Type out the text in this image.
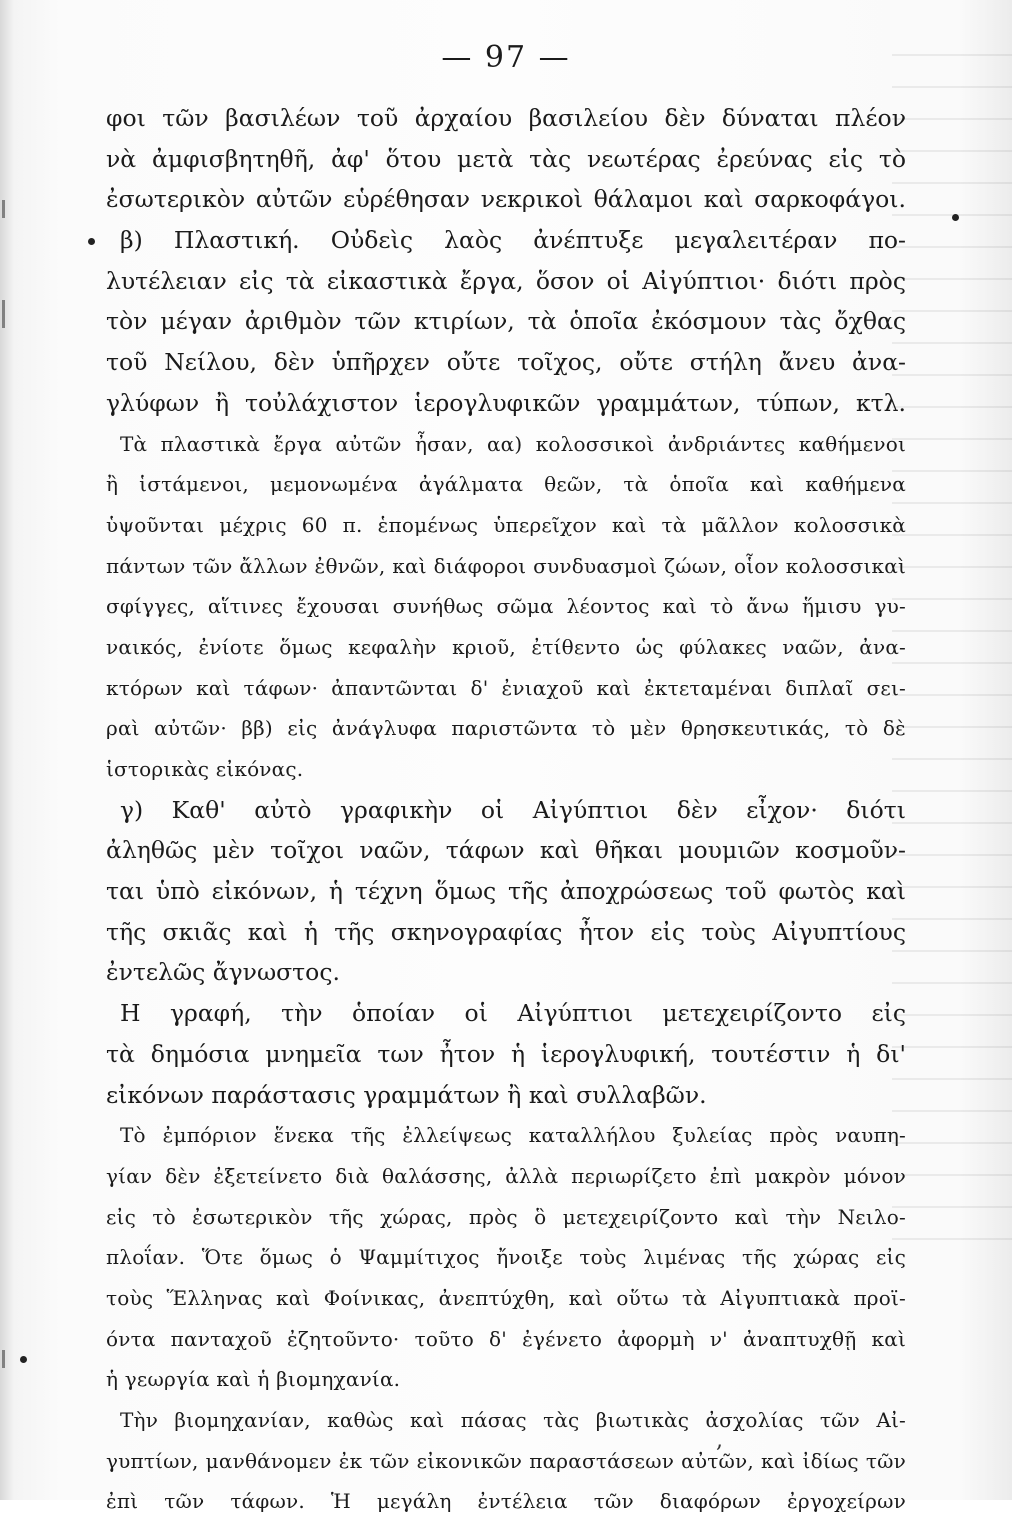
— 97 —
φοι τῶν βασιλέων τοῦ ἀρχαίου βασιλείου δὲν δύναται πλέον
νὰ ἀμφισβητηθῆ, ἀφ' ὅτου μετὰ τὰς νεωτέρας ἐρεύνας εἰς τὸ
ἐσωτερικὸν αὐτῶν εὑρέθησαν νεκρικοὶ θάλαμοι καὶ σαρκοφάγοι.
β) Πλαστική. Οὐδεὶς λαὸς ἀνέπτυξε μεγαλειτέραν πο-
λυτέλειαν εἰς τὰ εἰκαστικὰ ἔργα, ὅσον οἱ Αἰγύπτιοι· διότι πρὸς
τὸν μέγαν ἀριθμὸν τῶν κτιρίων, τὰ ὁποῖα ἐκόσμουν τὰς ὄχθας
τοῦ Νείλου, δὲν ὑπῆρχεν οὔτε τοῖχος, οὔτε στήλη ἄνευ ἀνα-
γλύφων ἢ τοὐλάχιστον ἱερογλυφικῶν γραμμάτων, τύπων, κτλ.
Τὰ πλαστικὰ ἔργα αὐτῶν ἦσαν, αα) κολοσσικοὶ ἀνδριάντες καθήμενοι
ἢ ἱστάμενοι, μεμονωμένα ἀγάλματα θεῶν, τὰ ὁποῖα καὶ καθήμενα
ὑψοῦνται μέχρις 60 π. ἑπομένως ὑπερεῖχον καὶ τὰ μᾶλλον κολοσσικὰ
πάντων τῶν ἄλλων ἐθνῶν, καὶ διάφοροι συνδυασμοὶ ζώων, οἷον κολοσσικαὶ
σφίγγες, αἵτινες ἔχουσαι συνήθως σῶμα λέοντος καὶ τὸ ἄνω ἥμισυ γυ-
ναικός, ἐνίοτε ὅμως κεφαλὴν κριοῦ, ἐτίθεντο ὡς φύλακες ναῶν, ἀνα-
κτόρων καὶ τάφων· ἀπαντῶνται δ' ἐνιαχοῦ καὶ ἐκτεταμέναι διπλαῖ σει-
ραὶ αὐτῶν· ββ) εἰς ἀνάγλυφα παριστῶντα τὸ μὲν θρησκευτικάς, τὸ δὲ
ἱστορικὰς εἰκόνας.
γ) Καθ' αὐτὸ γραφικὴν οἱ Αἰγύπτιοι δὲν εἶχον· διότι
ἀληθῶς μὲν τοῖχοι ναῶν, τάφων καὶ θῆκαι μουμιῶν κοσμοῦν-
ται ὑπὸ εἰκόνων, ἡ τέχνη ὅμως τῆς ἀποχρώσεως τοῦ φωτὸς καὶ
τῆς σκιᾶς καὶ ἡ τῆς σκηνογραφίας ἦτον εἰς τοὺς Αἰγυπτίους
ἐντελῶς ἄγνωστος.
Η γραφή, τὴν ὁποίαν οἱ Αἰγύπτιοι μετεχειρίζοντο εἰς
τὰ δημόσια μνημεῖα των ἦτον ἡ ἱερογλυφική, τουτέστιν ἡ δι'
εἰκόνων παράστασις γραμμάτων ἢ καὶ συλλαβῶν.
Τὸ ἐμπόριον ἕνεκα τῆς ἐλλείψεως καταλλήλου ξυλείας πρὸς ναυπη-
γίαν δὲν ἐξετείνετο διὰ θαλάσσης, ἀλλὰ περιωρίζετο ἐπὶ μακρὸν μόνον
εἰς τὸ ἐσωτερικὸν τῆς χώρας, πρὸς ὃ μετεχειρίζοντο καὶ τὴν Νειλο-
πλοΐαν. Ὅτε ὅμως ὁ Ψαμμίτιχος ἤνοιξε τοὺς λιμένας τῆς χώρας εἰς
τοὺς Ἕλληνας καὶ Φοίνικας, ἀνεπτύχθη, καὶ οὕτω τὰ Αἰγυπτιακὰ προϊ-
όντα πανταχοῦ ἐζητοῦντο· τοῦτο δ' ἐγένετο ἀφορμὴ ν' ἀναπτυχθῇ καὶ
ἡ γεωργία καὶ ἡ βιομηχανία.
Τὴν βιομηχανίαν, καθὼς καὶ πάσας τὰς βιωτικὰς ἀσχολίας τῶν Αἰ-
γυπτίων, μανθάνομεν ἐκ τῶν εἰκονικῶν παραστάσεων αὐτῶν, καὶ ἰδίως τῶν
ἐπὶ τῶν τάφων. Ἡ μεγάλη ἐντέλεια τῶν διαφόρων ἐργοχείρων
,
